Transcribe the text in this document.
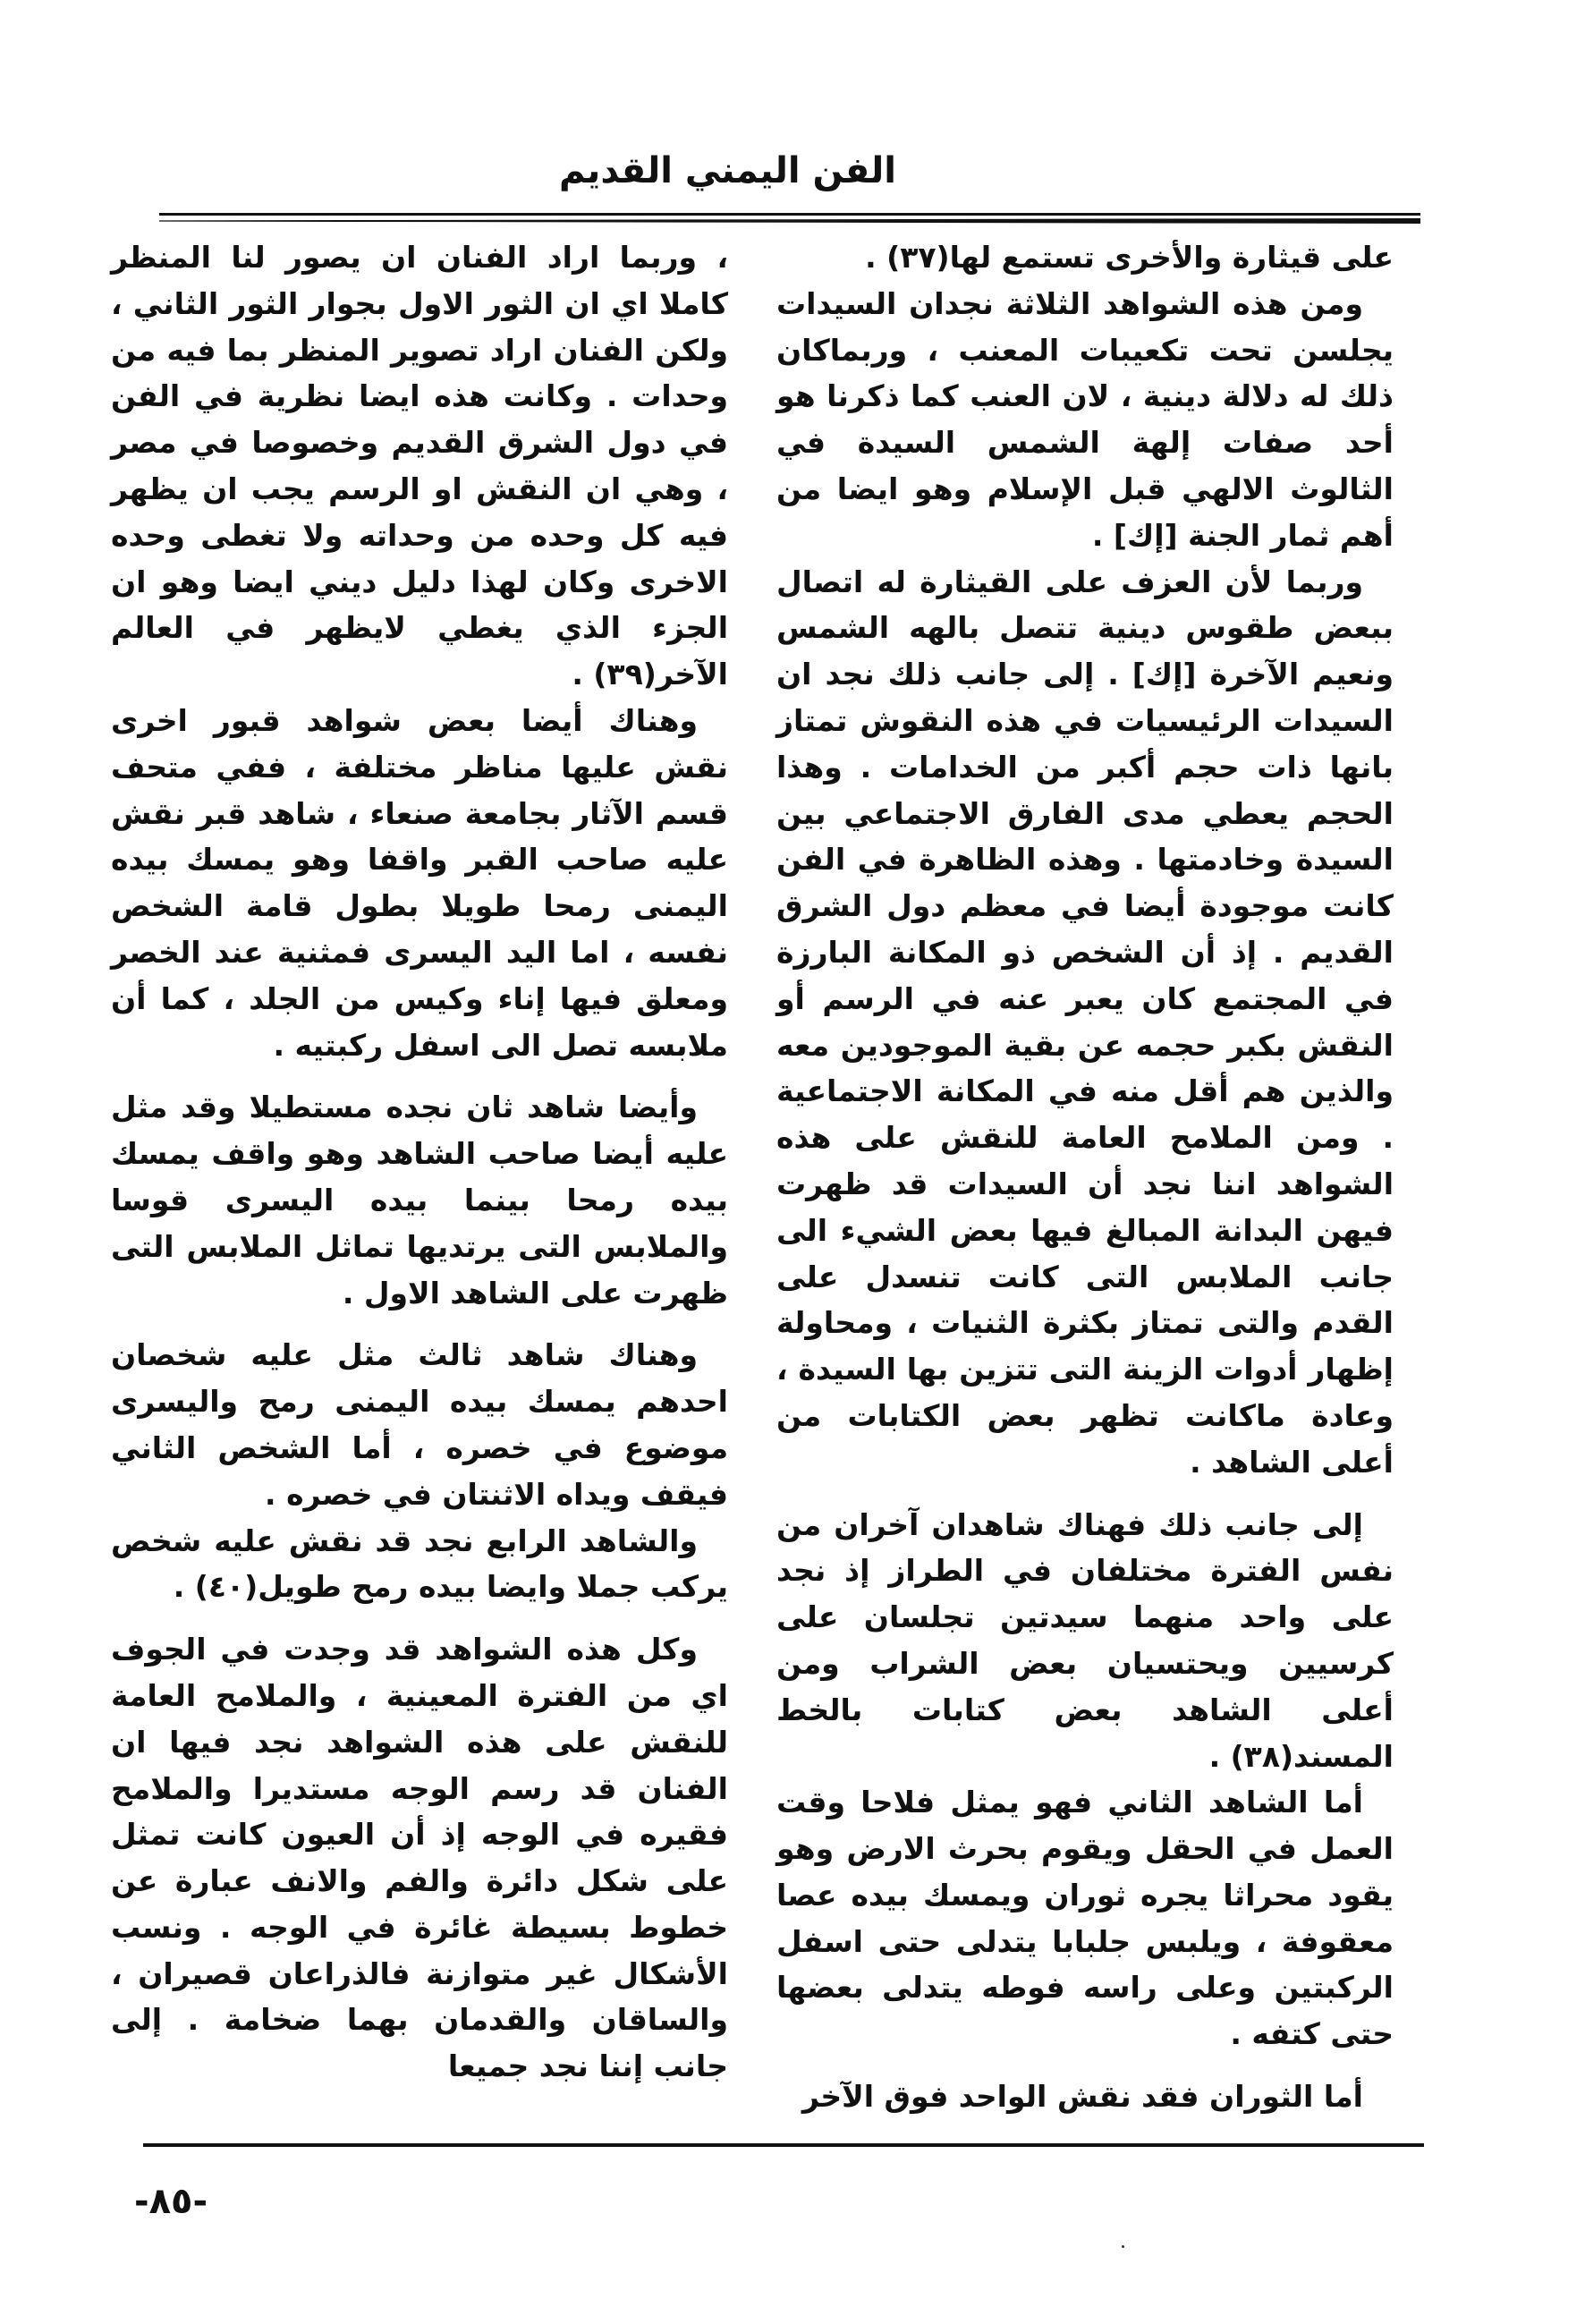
الفن اليمني القديم

على قيثارة والأخرى تستمع لها(٣٧) .

ومن هذه الشواهد الثلاثة نجدان السيدات يجلسن تحت تكعيبات المعنب ، وربماكان ذلك له دلالة دينية ، لان العنب كما ذكرنا هو أحد صفات إلهة الشمس السيدة في الثالوث الالهي قبل الإسلام وهو ايضا من أهم ثمار الجنة [إك] .

وربما لأن العزف على القيثارة له اتصال ببعض طقوس دينية تتصل بالهه الشمس ونعيم الآخرة [إك] . إلى جانب ذلك نجد ان السيدات الرئيسيات في هذه النقوش تمتاز بانها ذات حجم أكبر من الخدامات . وهذا الحجم يعطي مدى الفارق الاجتماعي بين السيدة وخادمتها . وهذه الظاهرة في الفن كانت موجودة أيضا في معظم دول الشرق القديم . إذ أن الشخص ذو المكانة البارزة في المجتمع كان يعبر عنه في الرسم أو النقش بكبر حجمه عن بقية الموجودين معه والذين هم أقل منه في المكانة الاجتماعية . ومن الملامح العامة للنقش على هذه الشواهد اننا نجد أن السيدات قد ظهرت فيهن البدانة المبالغ فيها بعض الشيء الى جانب الملابس التى كانت تنسدل على القدم والتى تمتاز بكثرة الثنيات ، ومحاولة إظهار أدوات الزينة التى تتزين بها السيدة ، وعادة ماكانت تظهر بعض الكتابات من أعلى الشاهد .

إلى جانب ذلك فهناك شاهدان آخران من نفس الفترة مختلفان في الطراز إذ نجد على واحد منهما سيدتين تجلسان على كرسيين ويحتسيان بعض الشراب ومن أعلى الشاهد بعض كتابات بالخط المسند(٣٨) .

أما الشاهد الثاني فهو يمثل فلاحا وقت العمل في الحقل ويقوم بحرث الارض وهو يقود محراثا يجره ثوران ويمسك بيده عصا معقوفة ، ويلبس جلبابا يتدلى حتى اسفل الركبتين وعلى راسه فوطه يتدلى بعضها حتى كتفه .

أما الثوران فقد نقش الواحد فوق الآخر

، وربما اراد الفنان ان يصور لنا المنظر كاملا اي ان الثور الاول بجوار الثور الثاني ، ولكن الفنان اراد تصوير المنظر بما فيه من وحدات . وكانت هذه ايضا نظرية في الفن في دول الشرق القديم وخصوصا في مصر ، وهي ان النقش او الرسم يجب ان يظهر فيه كل وحده من وحداته ولا تغطى وحده الاخرى وكان لهذا دليل ديني ايضا وهو ان الجزء الذي يغطي لايظهر في العالم الآخر(٣٩) .

وهناك أيضا بعض شواهد قبور اخرى نقش عليها مناظر مختلفة ، ففي متحف قسم الآثار بجامعة صنعاء ، شاهد قبر نقش عليه صاحب القبر واقفا وهو يمسك بيده اليمنى رمحا طويلا بطول قامة الشخص نفسه ، اما اليد اليسرى فمثنية عند الخصر ومعلق فيها إناء وكيس من الجلد ، كما أن ملابسه تصل الى اسفل ركبتيه .

وأيضا شاهد ثان نجده مستطيلا وقد مثل عليه أيضا صاحب الشاهد وهو واقف يمسك بيده رمحا بينما بيده اليسرى قوسا والملابس التى يرتديها تماثل الملابس التى ظهرت على الشاهد الاول .

وهناك شاهد ثالث مثل عليه شخصان احدهم يمسك بيده اليمنى رمح واليسرى موضوع في خصره ، أما الشخص الثاني فيقف ويداه الاثنتان في خصره .

والشاهد الرابع نجد قد نقش عليه شخص يركب جملا وايضا بيده رمح طويل(٤٠) .

وكل هذه الشواهد قد وجدت في الجوف اي من الفترة المعينية ، والملامح العامة للنقش على هذه الشواهد نجد فيها ان الفنان قد رسم الوجه مستديرا والملامح فقيره في الوجه إذ أن العيون كانت تمثل على شكل دائرة والفم والانف عبارة عن خطوط بسيطة غائرة في الوجه . ونسب الأشكال غير متوازنة فالذراعان قصيران ، والساقان والقدمان بهما ضخامة . إلى جانب إننا نجد جميعا

-٨٥-
